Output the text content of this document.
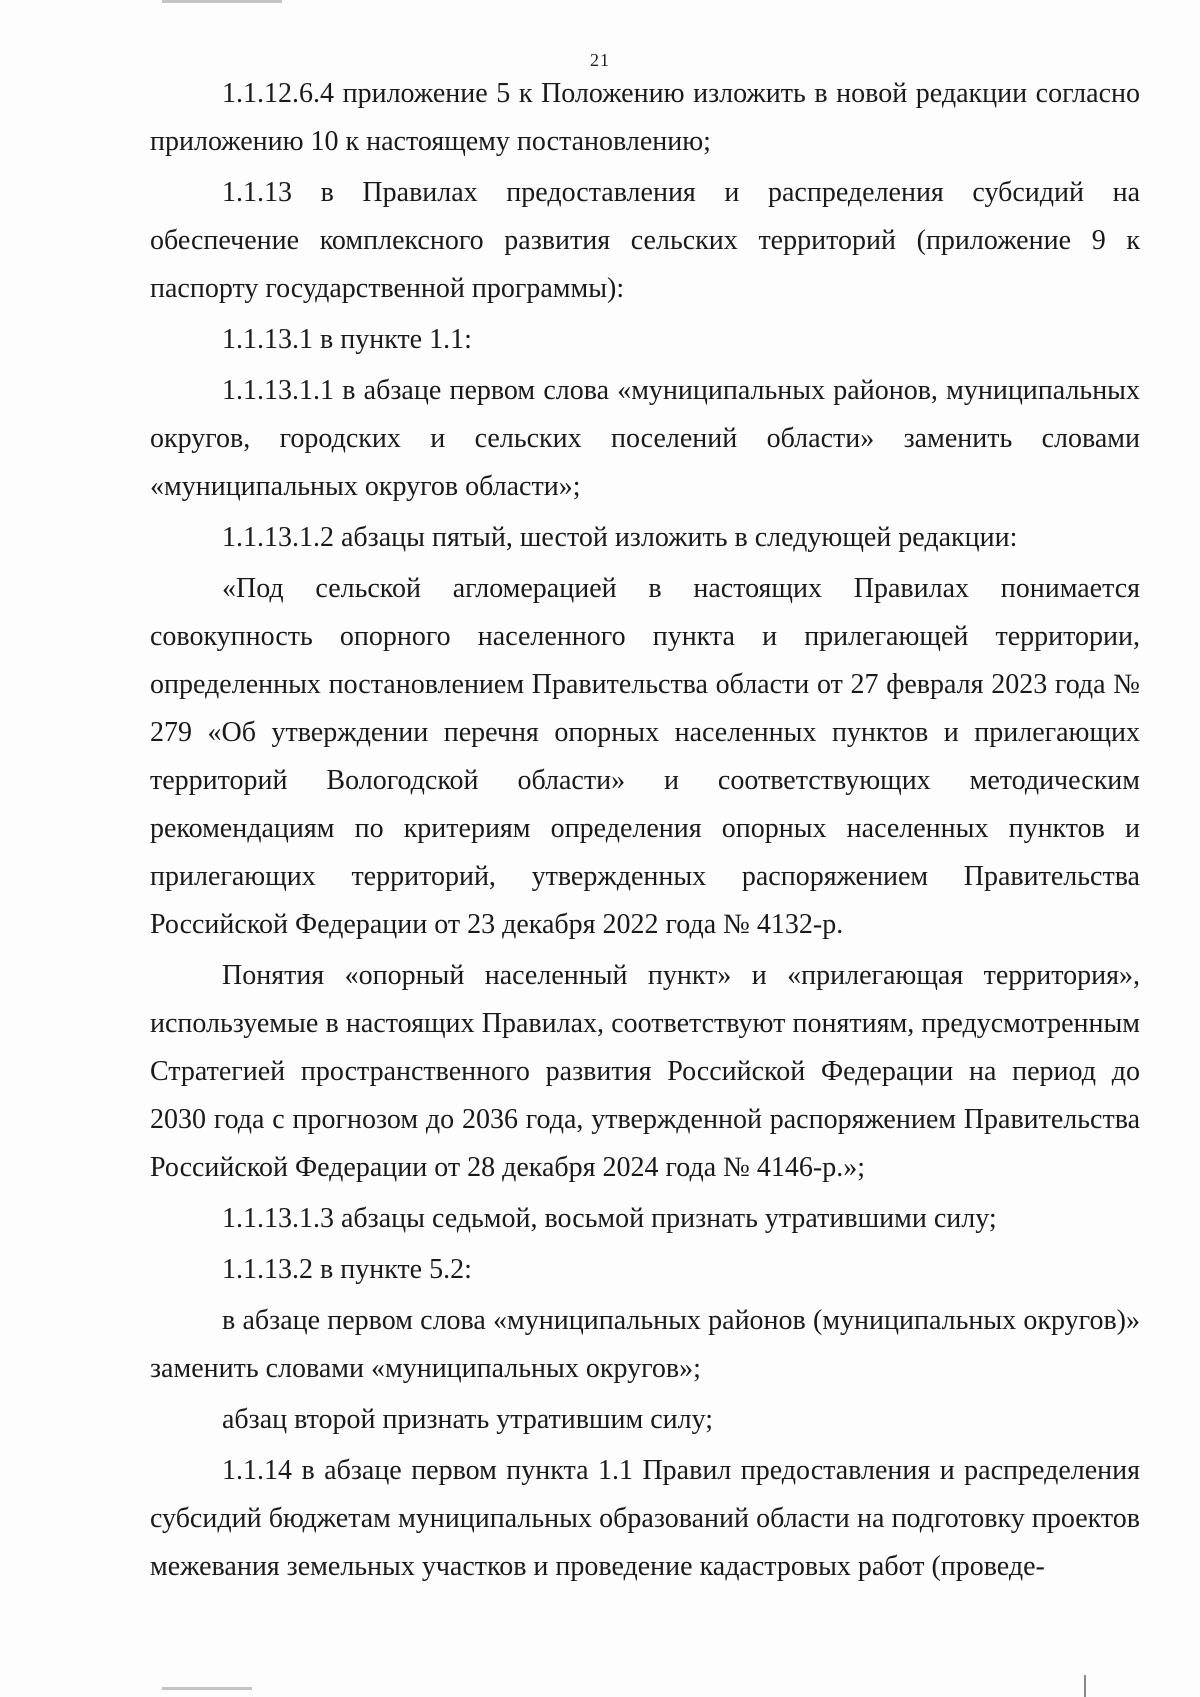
21

1.1.12.6.4 приложение 5 к Положению изложить в новой редакции согласно приложению 10 к настоящему постановлению;

1.1.13 в Правилах предоставления и распределения субсидий на обеспечение комплексного развития сельских территорий (приложение 9 к паспорту государственной программы):

1.1.13.1 в пункте 1.1:

1.1.13.1.1 в абзаце первом слова «муниципальных районов, муниципальных округов, городских и сельских поселений области» заменить словами «муниципальных округов области»;

1.1.13.1.2 абзацы пятый, шестой изложить в следующей редакции:

«Под сельской агломерацией в настоящих Правилах понимается совокупность опорного населенного пункта и прилегающей территории, определенных постановлением Правительства области от 27 февраля 2023 года № 279 «Об утверждении перечня опорных населенных пунктов и прилегающих территорий Вологодской области» и соответствующих методическим рекомендациям по критериям определения опорных населенных пунктов и прилегающих территорий, утвержденных распоряжением Правительства Российской Федерации от 23 декабря 2022 года № 4132-р.

Понятия «опорный населенный пункт» и «прилегающая территория», используемые в настоящих Правилах, соответствуют понятиям, предусмотренным Стратегией пространственного развития Российской Федерации на период до 2030 года с прогнозом до 2036 года, утвержденной распоряжением Правительства Российской Федерации от 28 декабря 2024 года № 4146-р.»;

1.1.13.1.3 абзацы седьмой, восьмой признать утратившими силу;

1.1.13.2 в пункте 5.2:

в абзаце первом слова «муниципальных районов (муниципальных округов)» заменить словами «муниципальных округов»;

абзац второй признать утратившим силу;

1.1.14 в абзаце первом пункта 1.1 Правил предоставления и распределения субсидий бюджетам муниципальных образований области на подготовку проектов межевания земельных участков и проведение кадастровых работ (проведе-
